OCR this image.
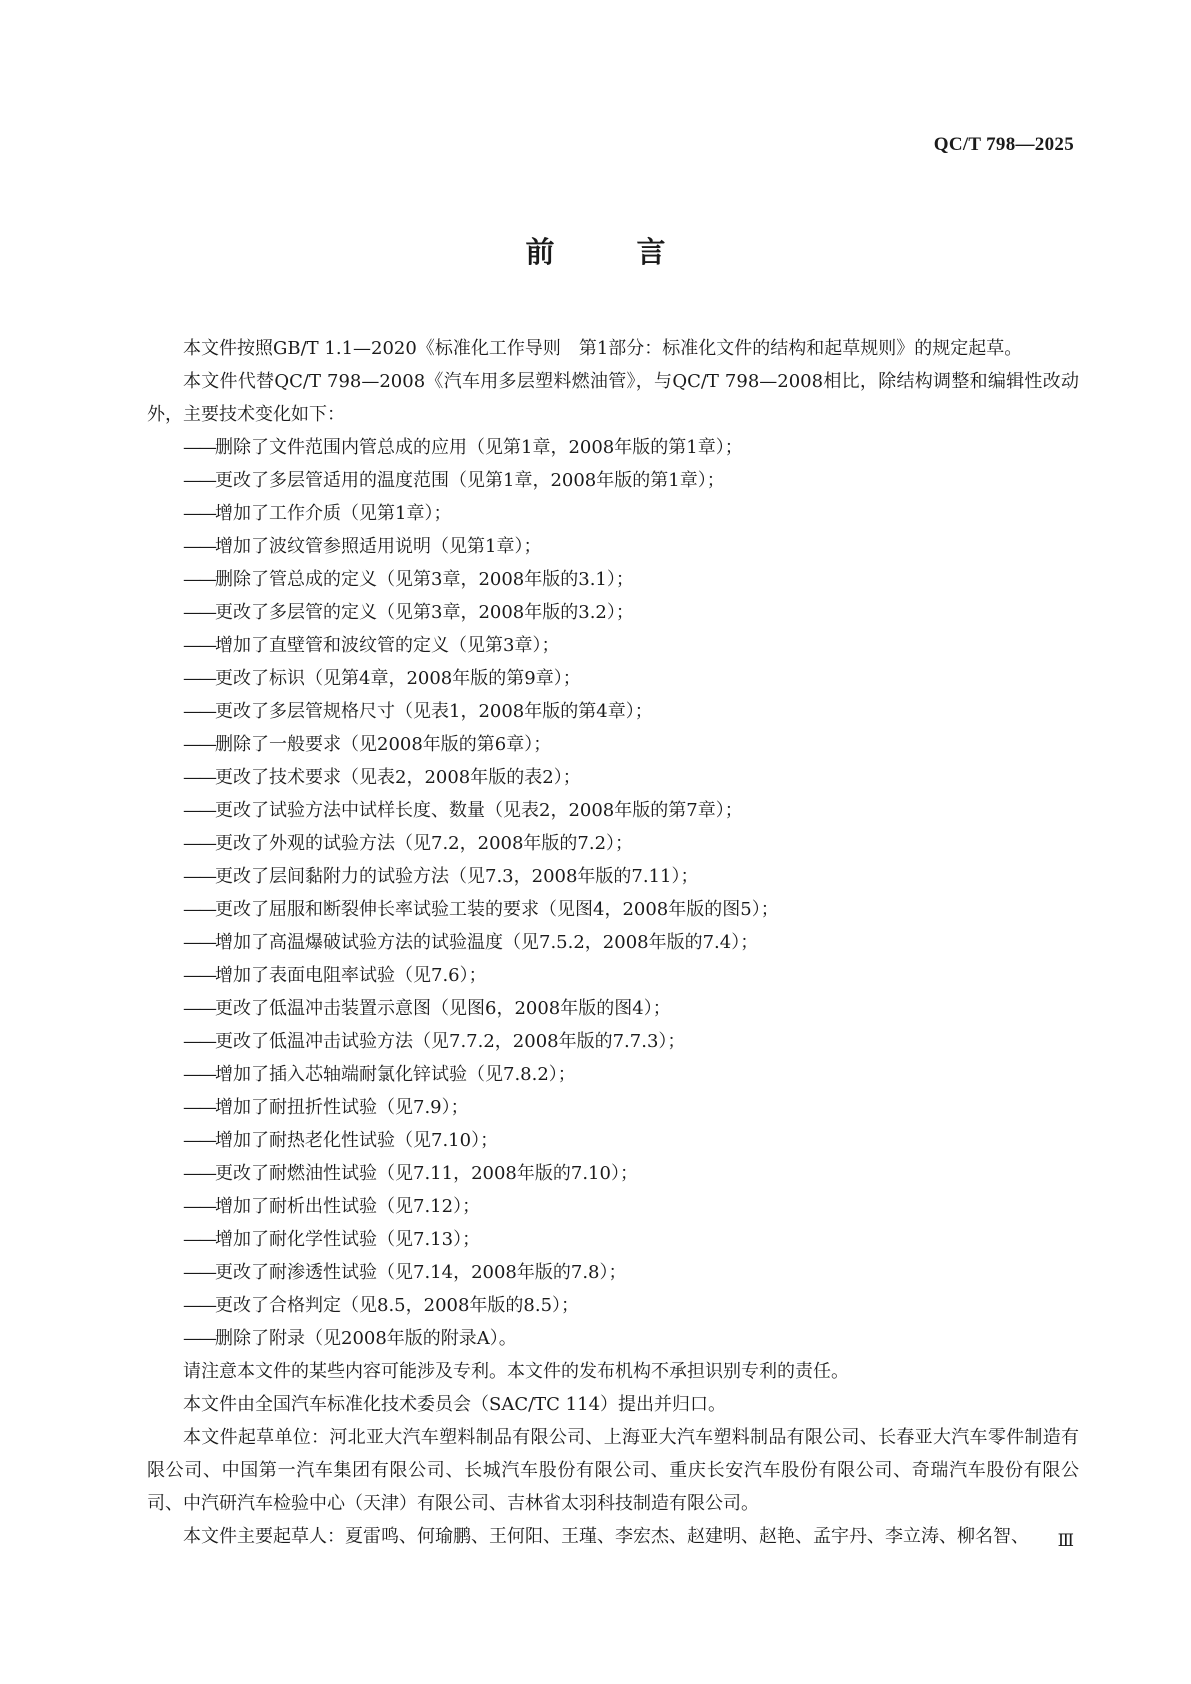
QC/T 798—2025
前 言

本文件按照GB/T 1.1—2020《标准化工作导则　第1部分：标准化文件的结构和起草规则》的规定起草。

本文件代替QC/T 798—2008《汽车用多层塑料燃油管》，与QC/T 798—2008相比，除结构调整和编辑性改动外，主要技术变化如下：

——删除了文件范围内管总成的应用（见第1章，2008年版的第1章）；
——更改了多层管适用的温度范围（见第1章，2008年版的第1章）；
——增加了工作介质（见第1章）；
——增加了波纹管参照适用说明（见第1章）；
——删除了管总成的定义（见第3章，2008年版的3.1）；
——更改了多层管的定义（见第3章，2008年版的3.2）；
——增加了直壁管和波纹管的定义（见第3章）；
——更改了标识（见第4章，2008年版的第9章）；
——更改了多层管规格尺寸（见表1，2008年版的第4章）；
——删除了一般要求（见2008年版的第6章）；
——更改了技术要求（见表2，2008年版的表2）；
——更改了试验方法中试样长度、数量（见表2，2008年版的第7章）；
——更改了外观的试验方法（见7.2，2008年版的7.2）；
——更改了层间黏附力的试验方法（见7.3，2008年版的7.11）；
——更改了屈服和断裂伸长率试验工装的要求（见图4，2008年版的图5）；
——增加了高温爆破试验方法的试验温度（见7.5.2，2008年版的7.4）；
——增加了表面电阻率试验（见7.6）；
——更改了低温冲击装置示意图（见图6，2008年版的图4）；
——更改了低温冲击试验方法（见7.7.2，2008年版的7.7.3）；
——增加了插入芯轴端耐氯化锌试验（见7.8.2）；
——增加了耐扭折性试验（见7.9）；
——增加了耐热老化性试验（见7.10）；
——更改了耐燃油性试验（见7.11，2008年版的7.10）；
——增加了耐析出性试验（见7.12）；
——增加了耐化学性试验（见7.13）；
——更改了耐渗透性试验（见7.14，2008年版的7.8）；
——更改了合格判定（见8.5，2008年版的8.5）；
——删除了附录（见2008年版的附录A）。

请注意本文件的某些内容可能涉及专利。本文件的发布机构不承担识别专利的责任。

本文件由全国汽车标准化技术委员会（SAC/TC 114）提出并归口。

本文件起草单位：河北亚大汽车塑料制品有限公司、上海亚大汽车塑料制品有限公司、长春亚大汽车零件制造有限公司、中国第一汽车集团有限公司、长城汽车股份有限公司、重庆长安汽车股份有限公司、奇瑞汽车股份有限公司、中汽研汽车检验中心（天津）有限公司、吉林省太羽科技制造有限公司。

本文件主要起草人：夏雷鸣、何瑜鹏、王何阳、王瑾、李宏杰、赵建明、赵艳、孟宇丹、李立涛、柳名智、	Ⅲ
